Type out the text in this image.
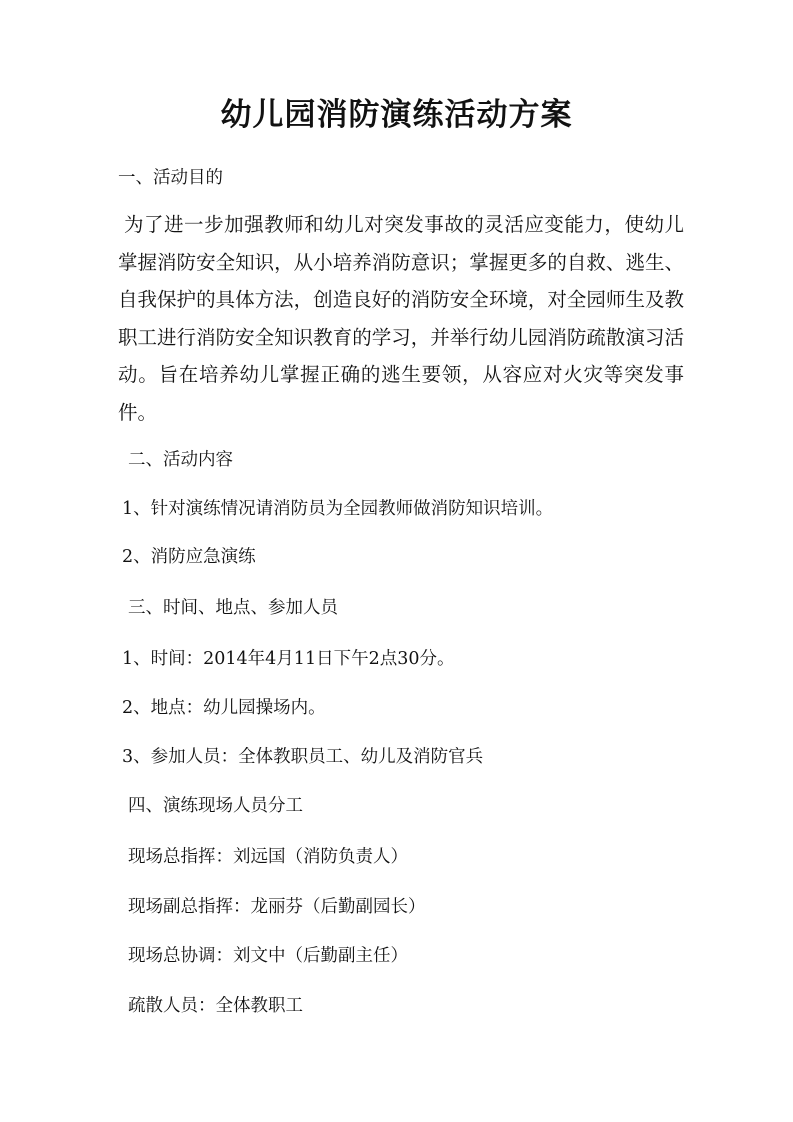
幼儿园消防演练活动方案

一、活动目的

为了进一步加强教师和幼儿对突发事故的灵活应变能力，使幼儿掌握消防安全知识，从小培养消防意识；掌握更多的自救、逃生、自我保护的具体方法，创造良好的消防安全环境，对全园师生及教职工进行消防安全知识教育的学习，并举行幼儿园消防疏散演习活动。旨在培养幼儿掌握正确的逃生要领，从容应对火灾等突发事件。

二、活动内容

1、针对演练情况请消防员为全园教师做消防知识培训。

2、消防应急演练

三、时间、地点、参加人员

1、时间：2014年4月11日下午2点30分。

2、地点：幼儿园操场内。

3、参加人员：全体教职员工、幼儿及消防官兵

四、演练现场人员分工

现场总指挥：刘远国（消防负责人）

现场副总指挥：龙丽芬（后勤副园长）

现场总协调：刘文中（后勤副主任）

疏散人员：全体教职工
